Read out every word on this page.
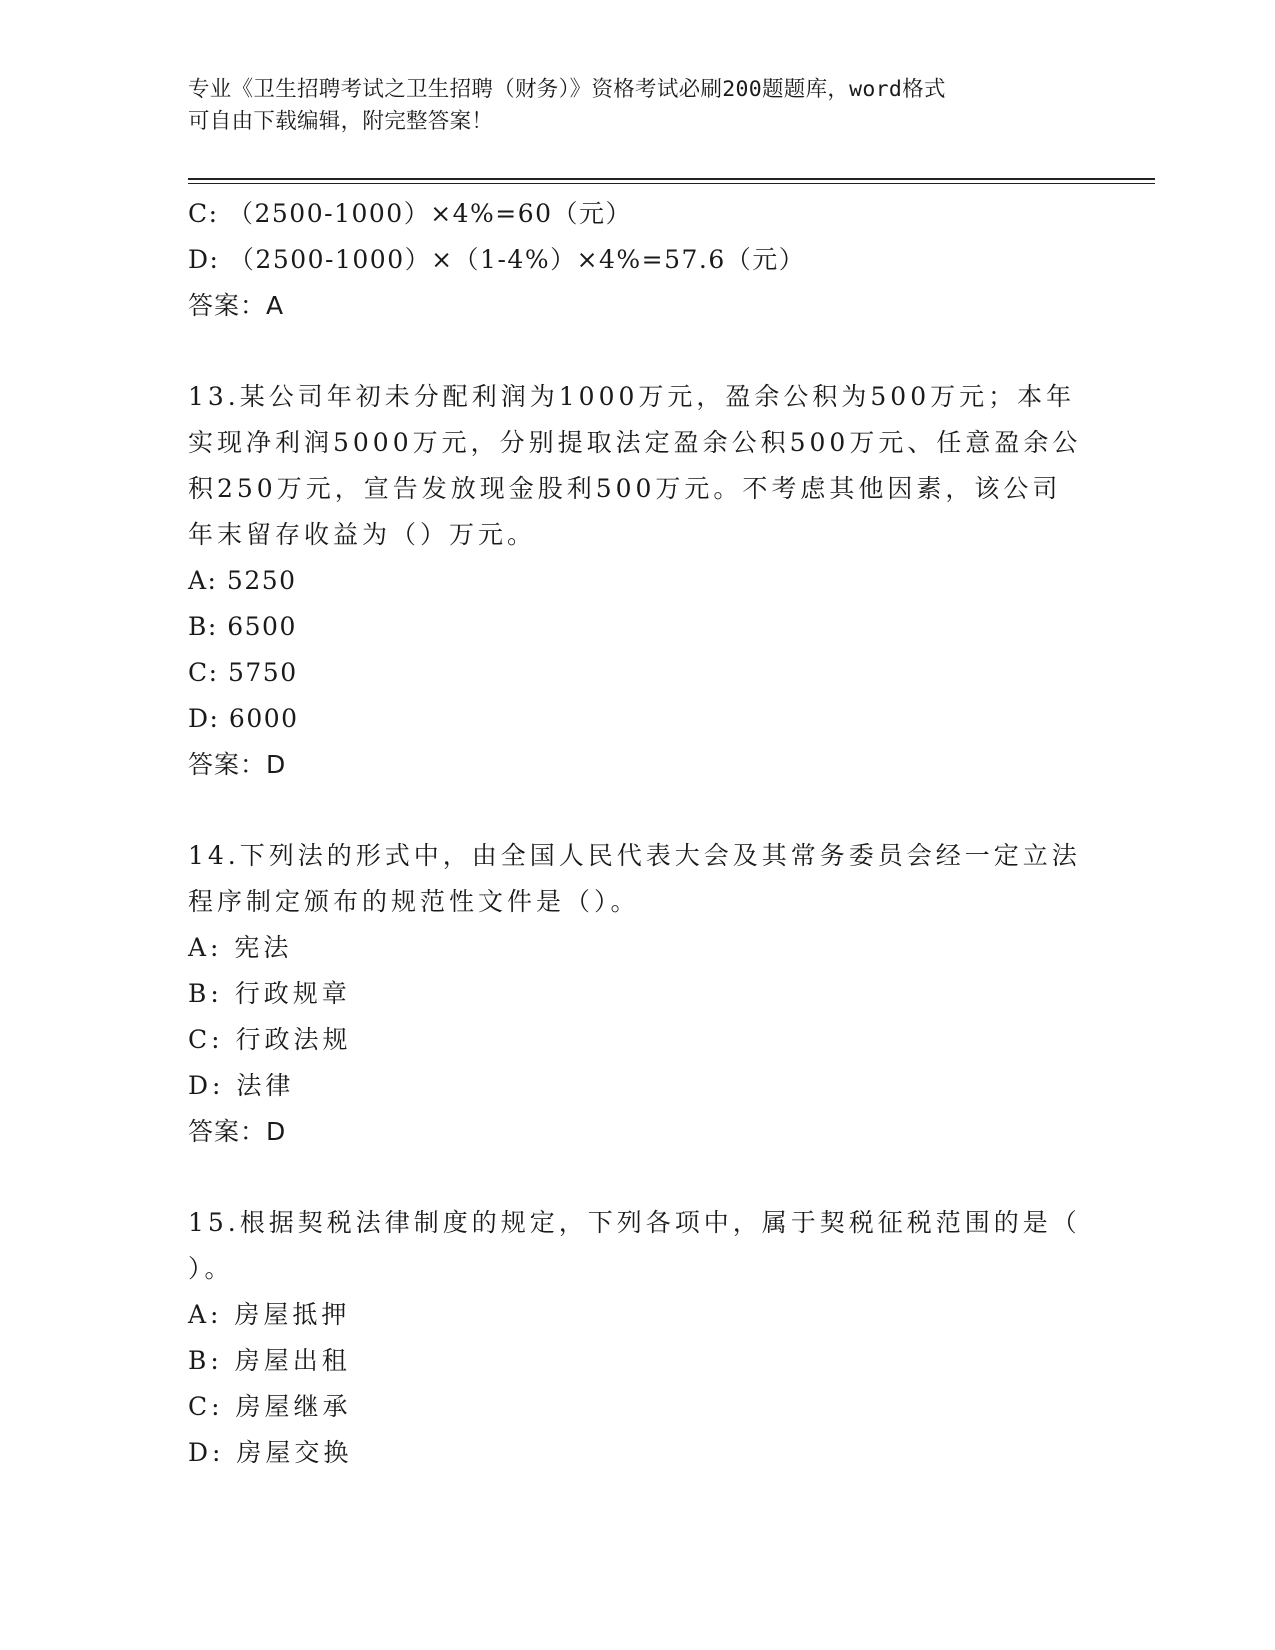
专业《卫生招聘考试之卫生招聘（财务）》资格考试必刷200题题库，word格式
可自由下载编辑，附完整答案！
C: （2500-1000）×4%=60（元）
D: （2500-1000）×（1-4%）×4%=57.6（元）
答案：A
13.某公司年初未分配利润为1000万元，盈余公积为500万元；本年
实现净利润5000万元，分别提取法定盈余公积500万元、任意盈余公
积250万元，宣告发放现金股利500万元。不考虑其他因素，该公司
年末留存收益为（）万元。
A: 5250
B: 6500
C: 5750
D: 6000
答案：D
14.下列法的形式中，由全国人民代表大会及其常务委员会经一定立法
程序制定颁布的规范性文件是（）。
A: 宪法
B: 行政规章
C: 行政法规
D: 法律
答案：D
15.根据契税法律制度的规定，下列各项中，属于契税征税范围的是（
）。
A: 房屋抵押
B: 房屋出租
C: 房屋继承
D: 房屋交换
